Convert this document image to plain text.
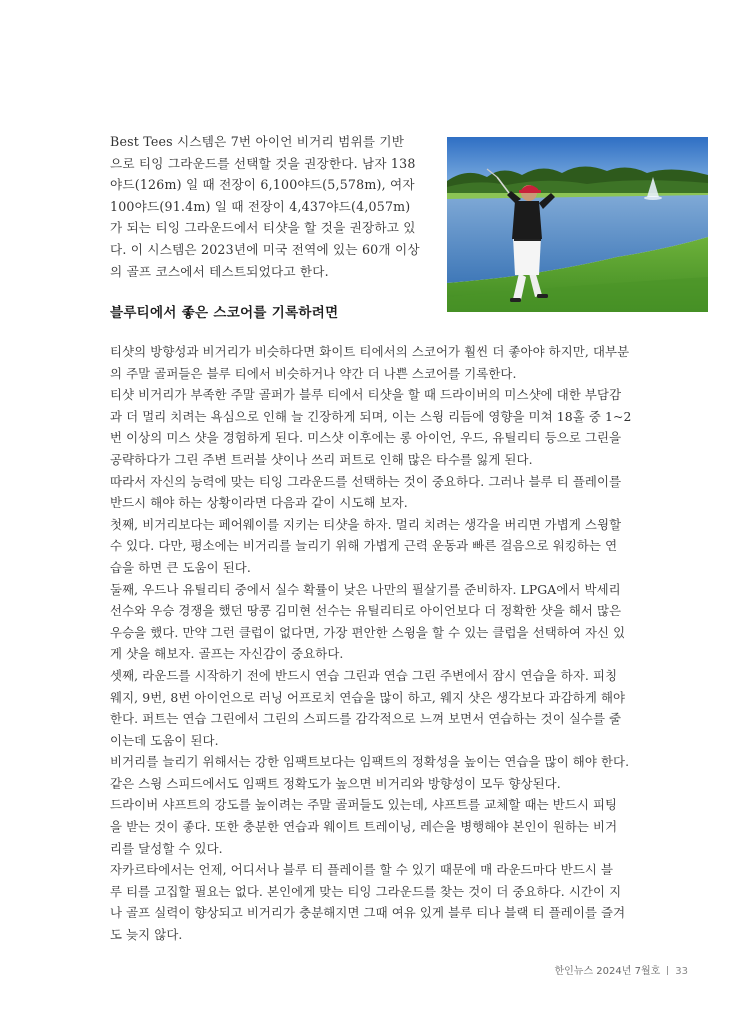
Best Tees 시스템은 7번 아이언 비거리 범위를 기반
으로 티잉 그라운드를 선택할 것을 권장한다. 남자 138
야드(126m) 일 때 전장이 6,100야드(5,578m), 여자
100야드(91.4m) 일 때 전장이 4,437야드(4,057m)
가 되는 티잉 그라운드에서 티샷을 할 것을 권장하고 있
다. 이 시스템은 2023년에 미국 전역에 있는 60개 이상
의 골프 코스에서 테스트되었다고 한다.
블루티에서 좋은 스코어를 기록하려면
티샷의 방향성과 비거리가 비슷하다면 화이트 티에서의 스코어가 훨씬 더 좋아야 하지만, 대부분
의 주말 골퍼들은 블루 티에서 비슷하거나 약간 더 나쁜 스코어를 기록한다.
티샷 비거리가 부족한 주말 골퍼가 블루 티에서 티샷을 할 때 드라이버의 미스샷에 대한 부담감
과 더 멀리 치려는 욕심으로 인해 늘 긴장하게 되며, 이는 스윙 리듬에 영향을 미쳐 18홀 중 1~2
번 이상의 미스 샷을 경험하게 된다. 미스샷 이후에는 롱 아이언, 우드, 유틸리티 등으로 그린을
공략하다가 그린 주변 트러블 샷이나 쓰리 퍼트로 인해 많은 타수를 잃게 된다.
따라서 자신의 능력에 맞는 티잉 그라운드를 선택하는 것이 중요하다. 그러나 블루 티 플레이를
반드시 해야 하는 상황이라면 다음과 같이 시도해 보자.
첫째, 비거리보다는 페어웨이를 지키는 티샷을 하자. 멀리 치려는 생각을 버리면 가볍게 스윙할
수 있다. 다만, 평소에는 비거리를 늘리기 위해 가볍게 근력 운동과 빠른 걸음으로 워킹하는 연
습을 하면 큰 도움이 된다.
둘째, 우드나 유틸리티 중에서 실수 확률이 낮은 나만의 필살기를 준비하자. LPGA에서 박세리
선수와 우승 경쟁을 했던 땅콩 김미현 선수는 유틸리티로 아이언보다 더 정확한 샷을 해서 많은
우승을 했다. 만약 그런 클럽이 없다면, 가장 편안한 스윙을 할 수 있는 클럽을 선택하여 자신 있
게 샷을 해보자. 골프는 자신감이 중요하다.
셋째, 라운드를 시작하기 전에 반드시 연습 그린과 연습 그린 주변에서 잠시 연습을 하자. 피칭
웨지, 9번, 8번 아이언으로 러닝 어프로치 연습을 많이 하고, 웨지 샷은 생각보다 과감하게 해야
한다. 퍼트는 연습 그린에서 그린의 스피드를 감각적으로 느껴 보면서 연습하는 것이 실수를 줄
이는데 도움이 된다.
비거리를 늘리기 위해서는 강한 임팩트보다는 임팩트의 정확성을 높이는 연습을 많이 해야 한다.
같은 스윙 스피드에서도 임팩트 정확도가 높으면 비거리와 방향성이 모두 향상된다.
드라이버 샤프트의 강도를 높이려는 주말 골퍼들도 있는데, 샤프트를 교체할 때는 반드시 피팅
을 받는 것이 좋다. 또한 충분한 연습과 웨이트 트레이닝, 레슨을 병행해야 본인이 원하는 비거
리를 달성할 수 있다.
자카르타에서는 언제, 어디서나 블루 티 플레이를 할 수 있기 때문에 매 라운드마다 반드시 블
루 티를 고집할 필요는 없다. 본인에게 맞는 티잉 그라운드를 찾는 것이 더 중요하다. 시간이 지
나 골프 실력이 향상되고 비거리가 충분해지면 그때 여유 있게 블루 티나 블랙 티 플레이를 즐겨
도 늦지 않다.
한인뉴스 2024년 7월호 33
